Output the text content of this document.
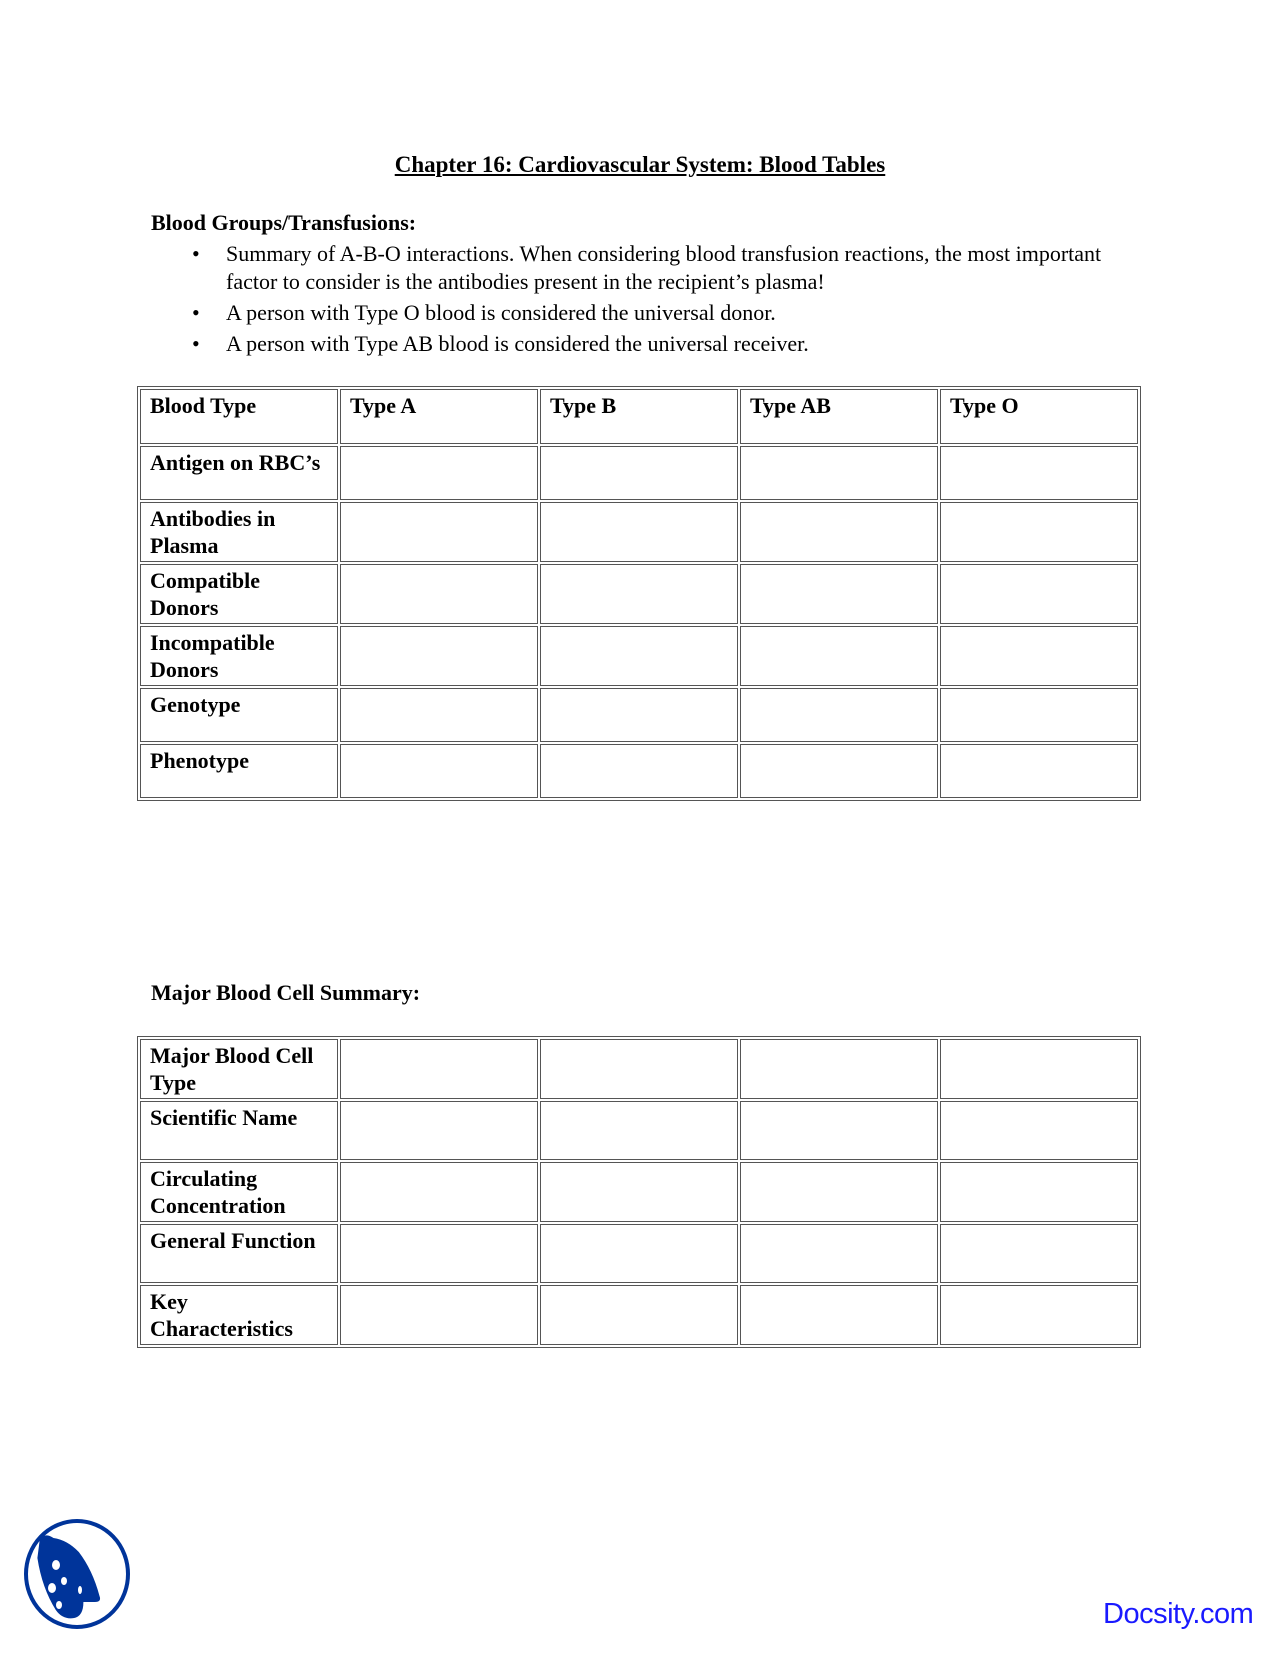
Chapter 16: Cardiovascular System: Blood Tables
Blood Groups/Transfusions:
• Summary of A-B-O interactions. When considering blood transfusion reactions, the most important factor to consider is the antibodies present in the recipient’s plasma!
• A person with Type O blood is considered the universal donor.
• A person with Type AB blood is considered the universal receiver.
Blood Type	Type A	Type B	Type AB	Type O
Antigen on RBC’s				
Antibodies in Plasma				
Compatible Donors				
Incompatible Donors				
Genotype				
Phenotype				
Major Blood Cell Summary:
Major Blood Cell Type				
Scientific Name				
Circulating Concentration				
General Function				
Key Characteristics				
Docsity.com
